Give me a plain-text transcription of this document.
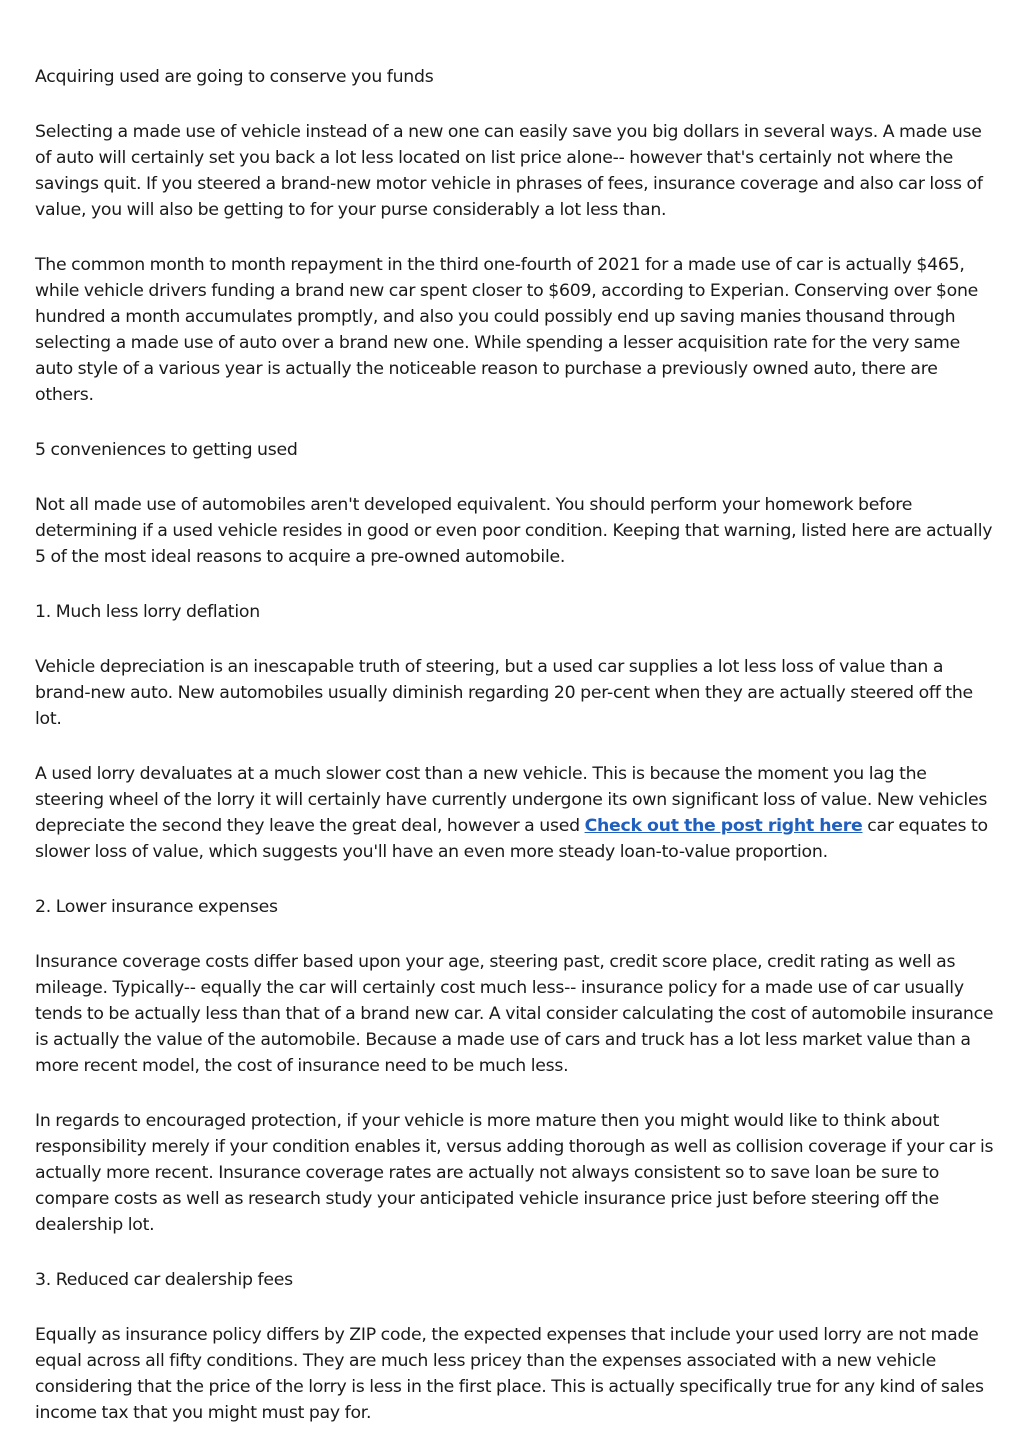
Acquiring used are going to conserve you funds

Selecting a made use of vehicle instead of a new one can easily save you big dollars in several ways. A made use of auto will certainly set you back a lot less located on list price alone-- however that's certainly not where the savings quit. If you steered a brand-new motor vehicle in phrases of fees, insurance coverage and also car loss of value, you will also be getting to for your purse considerably a lot less than.

The common month to month repayment in the third one-fourth of 2021 for a made use of car is actually $465, while vehicle drivers funding a brand new car spent closer to $609, according to Experian. Conserving over $one hundred a month accumulates promptly, and also you could possibly end up saving manies thousand through selecting a made use of auto over a brand new one. While spending a lesser acquisition rate for the very same auto style of a various year is actually the noticeable reason to purchase a previously owned auto, there are others.

5 conveniences to getting used

Not all made use of automobiles aren't developed equivalent. You should perform your homework before determining if a used vehicle resides in good or even poor condition. Keeping that warning, listed here are actually 5 of the most ideal reasons to acquire a pre-owned automobile.

1. Much less lorry deflation

Vehicle depreciation is an inescapable truth of steering, but a used car supplies a lot less loss of value than a brand-new auto. New automobiles usually diminish regarding 20 per-cent when they are actually steered off the lot.

A used lorry devaluates at a much slower cost than a new vehicle. This is because the moment you lag the steering wheel of the lorry it will certainly have currently undergone its own significant loss of value. New vehicles depreciate the second they leave the great deal, however a used Check out the post right here car equates to slower loss of value, which suggests you'll have an even more steady loan-to-value proportion.

2. Lower insurance expenses

Insurance coverage costs differ based upon your age, steering past, credit score place, credit rating as well as mileage. Typically-- equally the car will certainly cost much less-- insurance policy for a made use of car usually tends to be actually less than that of a brand new car. A vital consider calculating the cost of automobile insurance is actually the value of the automobile. Because a made use of cars and truck has a lot less market value than a more recent model, the cost of insurance need to be much less.

In regards to encouraged protection, if your vehicle is more mature then you might would like to think about responsibility merely if your condition enables it, versus adding thorough as well as collision coverage if your car is actually more recent. Insurance coverage rates are actually not always consistent so to save loan be sure to compare costs as well as research study your anticipated vehicle insurance price just before steering off the dealership lot.

3. Reduced car dealership fees

Equally as insurance policy differs by ZIP code, the expected expenses that include your used lorry are not made equal across all fifty conditions. They are much less pricey than the expenses associated with a new vehicle considering that the price of the lorry is less in the first place. This is actually specifically true for any kind of sales income tax that you might must pay for.
